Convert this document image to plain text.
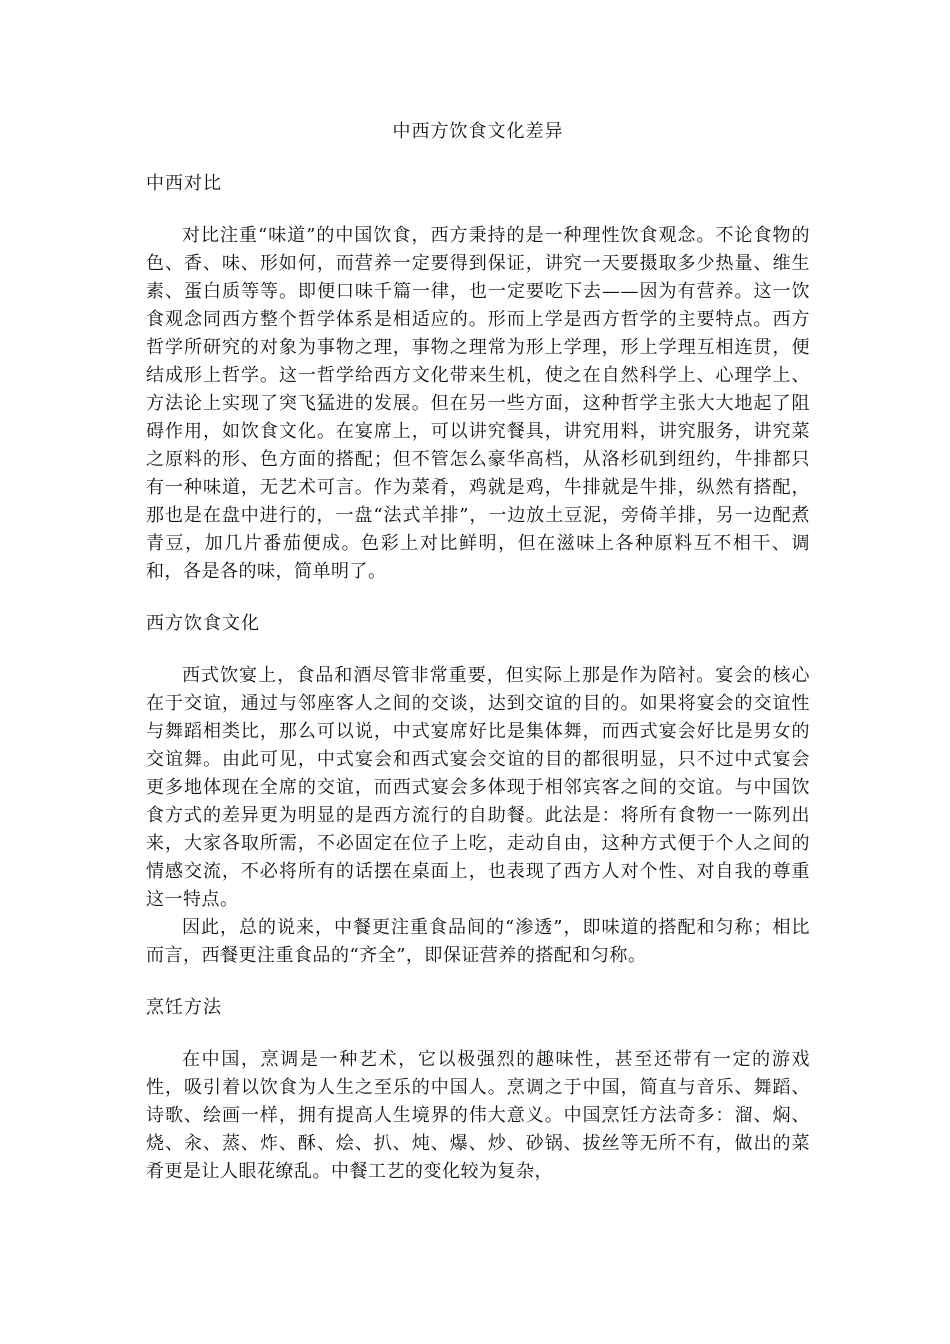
中西方饮食文化差异
中西对比

对比注重“味道”的中国饮食，西方秉持的是一种理性饮食观念。不论食物的色、香、味、形如何，而营养一定要得到保证，讲究一天要摄取多少热量、维生素、蛋白质等等。即便口味千篇一律，也一定要吃下去——因为有营养。这一饮食观念同西方整个哲学体系是相适应的。形而上学是西方哲学的主要特点。西方哲学所研究的对象为事物之理，事物之理常为形上学理，形上学理互相连贯，便结成形上哲学。这一哲学给西方文化带来生机，使之在自然科学上、心理学上、方法论上实现了突飞猛进的发展。但在另一些方面，这种哲学主张大大地起了阻碍作用，如饮食文化。在宴席上，可以讲究餐具，讲究用料，讲究服务，讲究菜之原料的形、色方面的搭配；但不管怎么豪华高档，从洛杉矶到纽约，牛排都只有一种味道，无艺术可言。作为菜肴，鸡就是鸡，牛排就是牛排，纵然有搭配，那也是在盘中进行的，一盘“法式羊排”，一边放土豆泥，旁倚羊排，另一边配煮青豆，加几片番茄便成。色彩上对比鲜明，但在滋味上各种原料互不相干、调和，各是各的味，简单明了。

西方饮食文化

西式饮宴上，食品和酒尽管非常重要，但实际上那是作为陪衬。宴会的核心在于交谊，通过与邻座客人之间的交谈，达到交谊的目的。如果将宴会的交谊性与舞蹈相类比，那么可以说，中式宴席好比是集体舞，而西式宴会好比是男女的交谊舞。由此可见，中式宴会和西式宴会交谊的目的都很明显，只不过中式宴会更多地体现在全席的交谊，而西式宴会多体现于相邻宾客之间的交谊。与中国饮食方式的差异更为明显的是西方流行的自助餐。此法是：将所有食物一一陈列出来，大家各取所需，不必固定在位子上吃，走动自由，这种方式便于个人之间的情感交流，不必将所有的话摆在桌面上，也表现了西方人对个性、对自我的尊重这一特点。

因此，总的说来，中餐更注重食品间的“渗透”，即味道的搭配和匀称；相比而言，西餐更注重食品的“齐全”，即保证营养的搭配和匀称。

烹饪方法

在中国，烹调是一种艺术，它以极强烈的趣味性，甚至还带有一定的游戏性，吸引着以饮食为人生之至乐的中国人。烹调之于中国，简直与音乐、舞蹈、诗歌、绘画一样，拥有提高人生境界的伟大意义。中国烹饪方法奇多：溜、焖、烧、汆、蒸、炸、酥、烩、扒、炖、爆、炒、砂锅、拔丝等无所不有，做出的菜肴更是让人眼花缭乱。中餐工艺的变化较为复杂，
